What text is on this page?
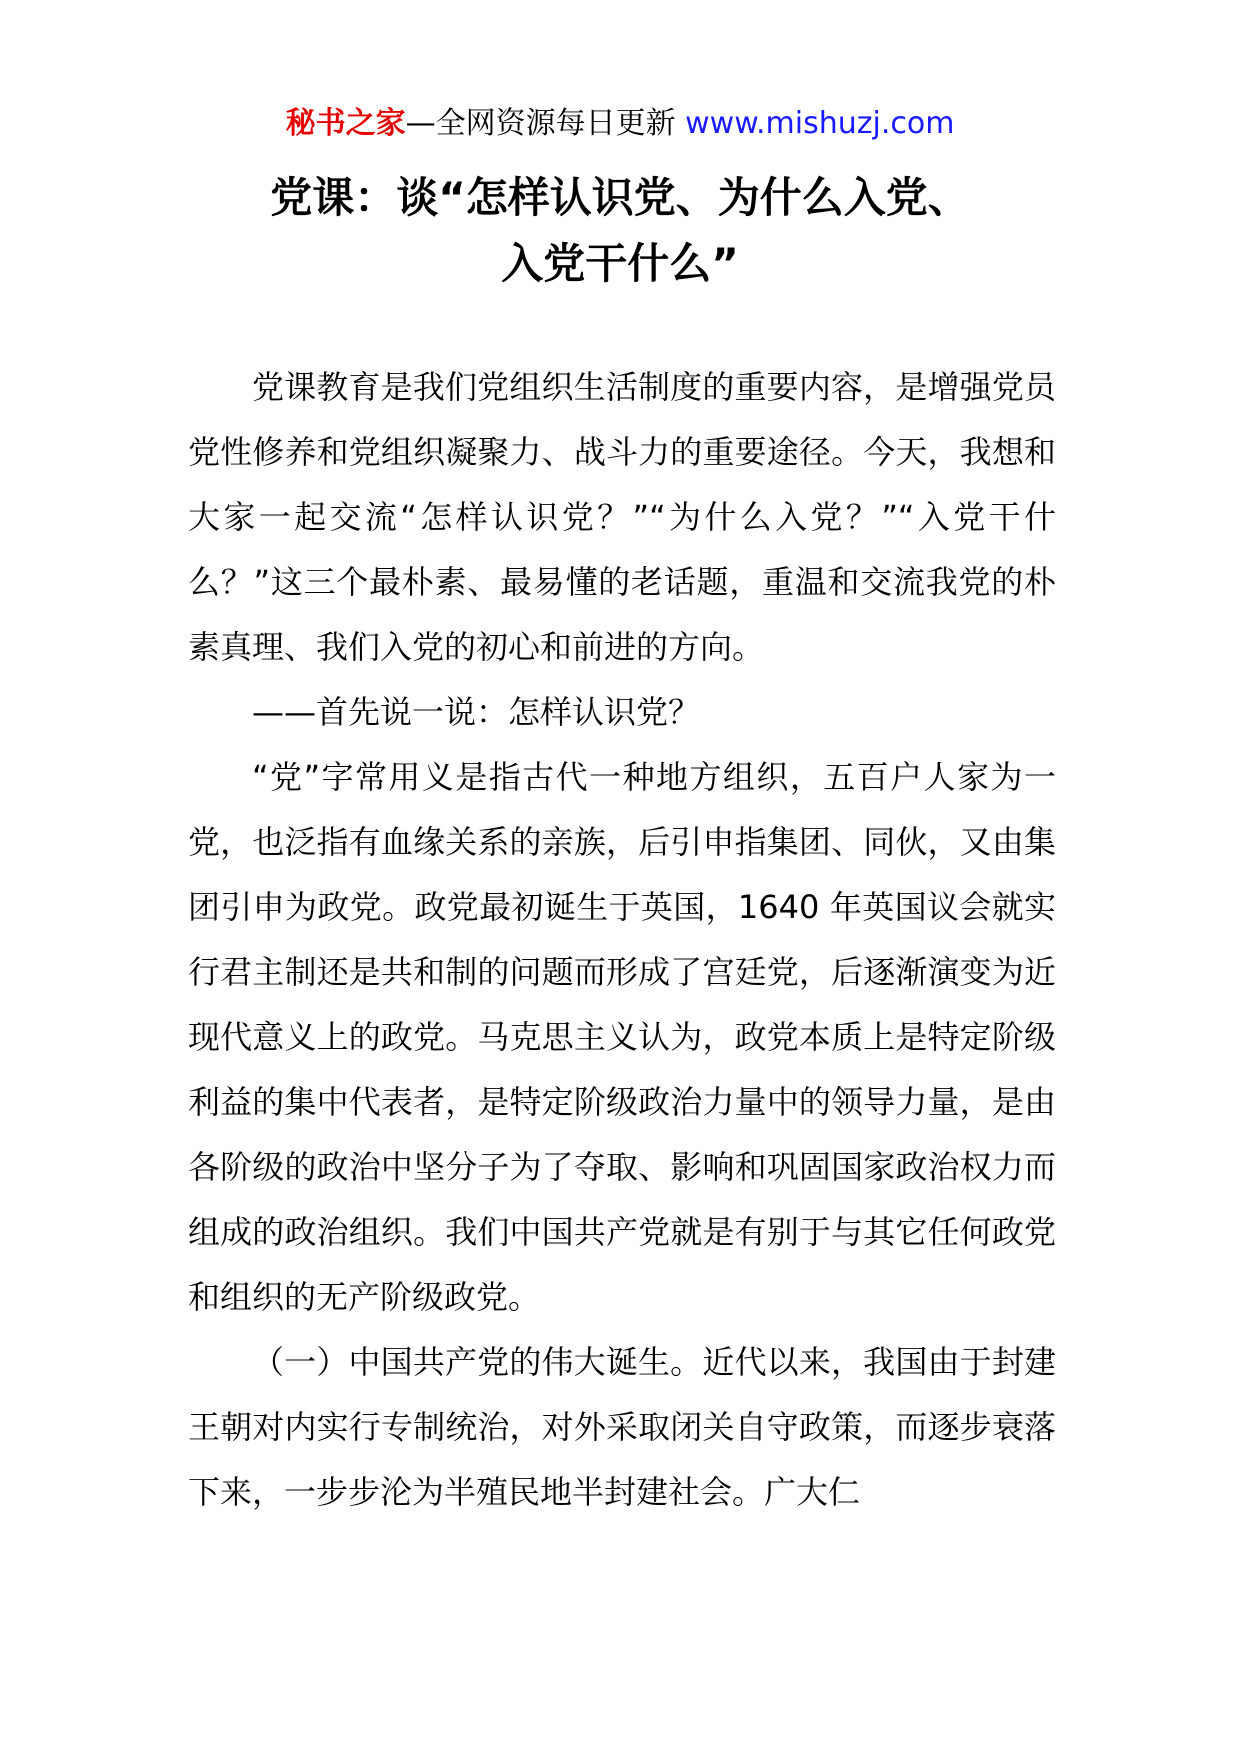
秘书之家—全网资源每日更新 www.mishuzj.com
党课：谈“怎样认识党、为什么入党、
入党干什么”

党课教育是我们党组织生活制度的重要内容，是增强党员党性修养和党组织凝聚力、战斗力的重要途径。今天，我想和大家一起交流“怎样认识党？”“为什么入党？”“入党干什么？”这三个最朴素、最易懂的老话题，重温和交流我党的朴素真理、我们入党的初心和前进的方向。

——首先说一说：怎样认识党？

“党”字常用义是指古代一种地方组织，五百户人家为一党，也泛指有血缘关系的亲族，后引申指集团、同伙，又由集团引申为政党。政党最初诞生于英国，1640 年英国议会就实行君主制还是共和制的问题而形成了宫廷党，后逐渐演变为近现代意义上的政党。马克思主义认为，政党本质上是特定阶级利益的集中代表者，是特定阶级政治力量中的领导力量，是由各阶级的政治中坚分子为了夺取、影响和巩固国家政治权力而组成的政治组织。我们中国共产党就是有别于与其它任何政党和组织的无产阶级政党。

（一）中国共产党的伟大诞生。近代以来，我国由于封建王朝对内实行专制统治，对外采取闭关自守政策，而逐步衰落下来，一步步沦为半殖民地半封建社会。广大仁
